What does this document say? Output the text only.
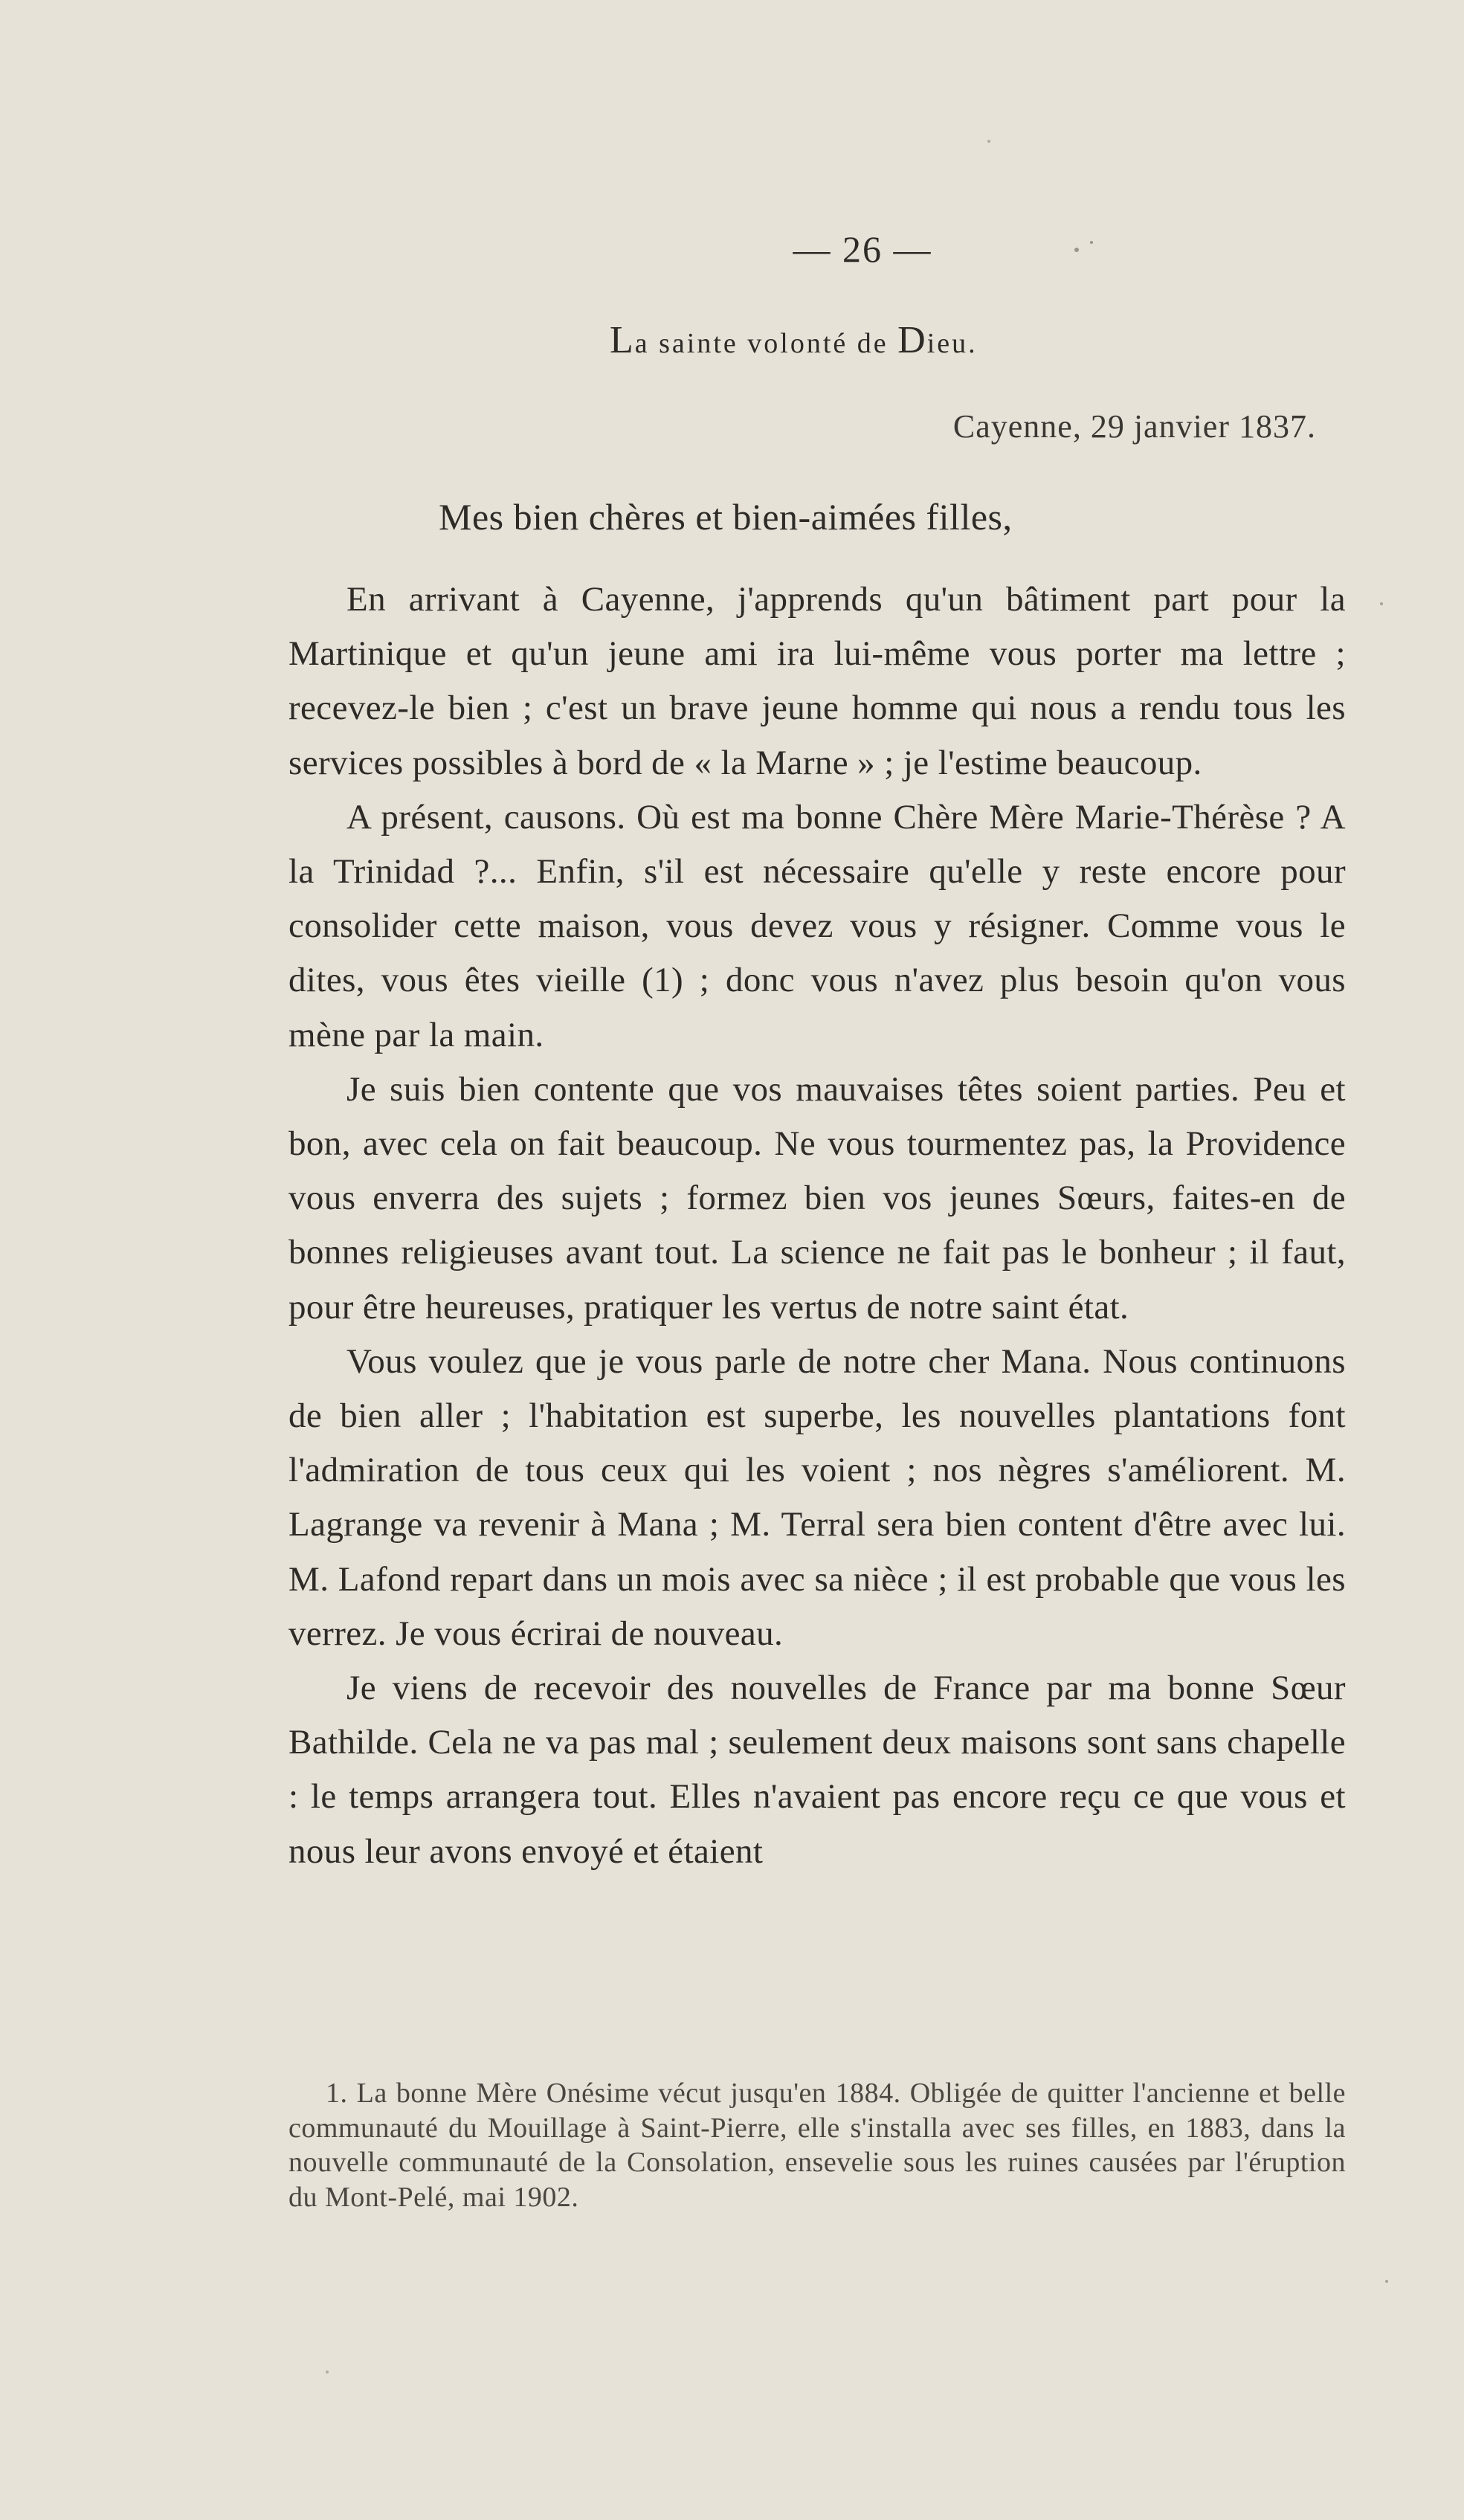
— 26 —
La sainte volonté de Dieu.
Cayenne, 29 janvier 1837.
Mes bien chères et bien-aimées filles,

En arrivant à Cayenne, j'apprends qu'un bâtiment part pour la Martinique et qu'un jeune ami ira lui-même vous porter ma lettre ; recevez-le bien ; c'est un brave jeune homme qui nous a rendu tous les services possibles à bord de « la Marne » ; je l'estime beaucoup.

A présent, causons. Où est ma bonne Chère Mère Marie-Thérèse ? A la Trinidad ?... Enfin, s'il est nécessaire qu'elle y reste encore pour consolider cette maison, vous devez vous y résigner. Comme vous le dites, vous êtes vieille (1) ; donc vous n'avez plus besoin qu'on vous mène par la main.

Je suis bien contente que vos mauvaises têtes soient parties. Peu et bon, avec cela on fait beaucoup. Ne vous tourmentez pas, la Providence vous enverra des sujets ; formez bien vos jeunes Sœurs, faites-en de bonnes religieuses avant tout. La science ne fait pas le bonheur ; il faut, pour être heureuses, pratiquer les vertus de notre saint état.

Vous voulez que je vous parle de notre cher Mana. Nous continuons de bien aller ; l'habitation est superbe, les nouvelles plantations font l'admiration de tous ceux qui les voient ; nos nègres s'améliorent. M. Lagrange va revenir à Mana ; M. Terral sera bien content d'être avec lui. M. Lafond repart dans un mois avec sa nièce ; il est probable que vous les verrez. Je vous écrirai de nouveau.

Je viens de recevoir des nouvelles de France par ma bonne Sœur Bathilde. Cela ne va pas mal ; seulement deux maisons sont sans chapelle : le temps arrangera tout. Elles n'avaient pas encore reçu ce que vous et nous leur avons envoyé et étaient

1. La bonne Mère Onésime vécut jusqu'en 1884. Obligée de quitter l'ancienne et belle communauté du Mouillage à Saint-Pierre, elle s'installa avec ses filles, en 1883, dans la nouvelle communauté de la Consolation, ensevelie sous les ruines causées par l'éruption du Mont-Pelé, mai 1902.
